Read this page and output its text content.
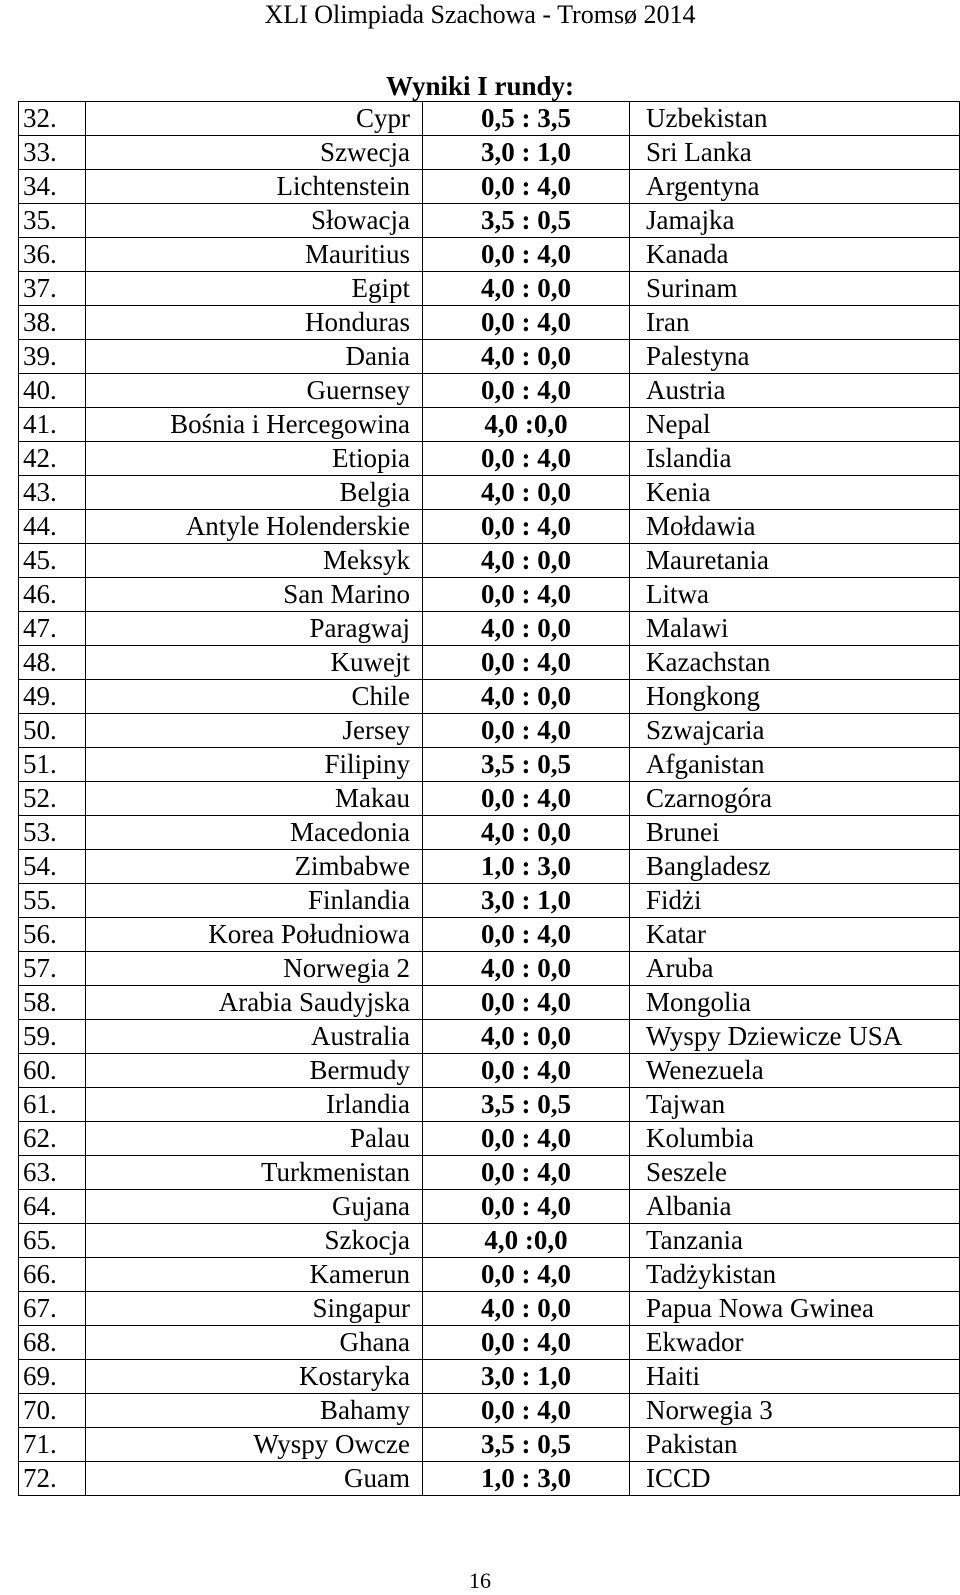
XLI Olimpiada Szachowa - Tromsø 2014
Wyniki I rundy:
32.	Cypr	0,5 : 3,5	Uzbekistan
33.	Szwecja	3,0 : 1,0	Sri Lanka
34.	Lichtenstein	0,0 : 4,0	Argentyna
35.	Słowacja	3,5 : 0,5	Jamajka
36.	Mauritius	0,0 : 4,0	Kanada
37.	Egipt	4,0 : 0,0	Surinam
38.	Honduras	0,0 : 4,0	Iran
39.	Dania	4,0 : 0,0	Palestyna
40.	Guernsey	0,0 : 4,0	Austria
41.	Bośnia i Hercegowina	4,0 :0,0	Nepal
42.	Etiopia	0,0 : 4,0	Islandia
43.	Belgia	4,0 : 0,0	Kenia
44.	Antyle Holenderskie	0,0 : 4,0	Mołdawia
45.	Meksyk	4,0 : 0,0	Mauretania
46.	San Marino	0,0 : 4,0	Litwa
47.	Paragwaj	4,0 : 0,0	Malawi
48.	Kuwejt	0,0 : 4,0	Kazachstan
49.	Chile	4,0 : 0,0	Hongkong
50.	Jersey	0,0 : 4,0	Szwajcaria
51.	Filipiny	3,5 : 0,5	Afganistan
52.	Makau	0,0 : 4,0	Czarnogóra
53.	Macedonia	4,0 : 0,0	Brunei
54.	Zimbabwe	1,0 : 3,0	Bangladesz
55.	Finlandia	3,0 : 1,0	Fidżi
56.	Korea Południowa	0,0 : 4,0	Katar
57.	Norwegia 2	4,0 : 0,0	Aruba
58.	Arabia Saudyjska	0,0 : 4,0	Mongolia
59.	Australia	4,0 : 0,0	Wyspy Dziewicze USA
60.	Bermudy	0,0 : 4,0	Wenezuela
61.	Irlandia	3,5 : 0,5	Tajwan
62.	Palau	0,0 : 4,0	Kolumbia
63.	Turkmenistan	0,0 : 4,0	Seszele
64.	Gujana	0,0 : 4,0	Albania
65.	Szkocja	4,0 :0,0	Tanzania
66.	Kamerun	0,0 : 4,0	Tadżykistan
67.	Singapur	4,0 : 0,0	Papua Nowa Gwinea
68.	Ghana	0,0 : 4,0	Ekwador
69.	Kostaryka	3,0 : 1,0	Haiti
70.	Bahamy	0,0 : 4,0	Norwegia 3
71.	Wyspy Owcze	3,5 : 0,5	Pakistan
72.	Guam	1,0 : 3,0	ICCD
16
